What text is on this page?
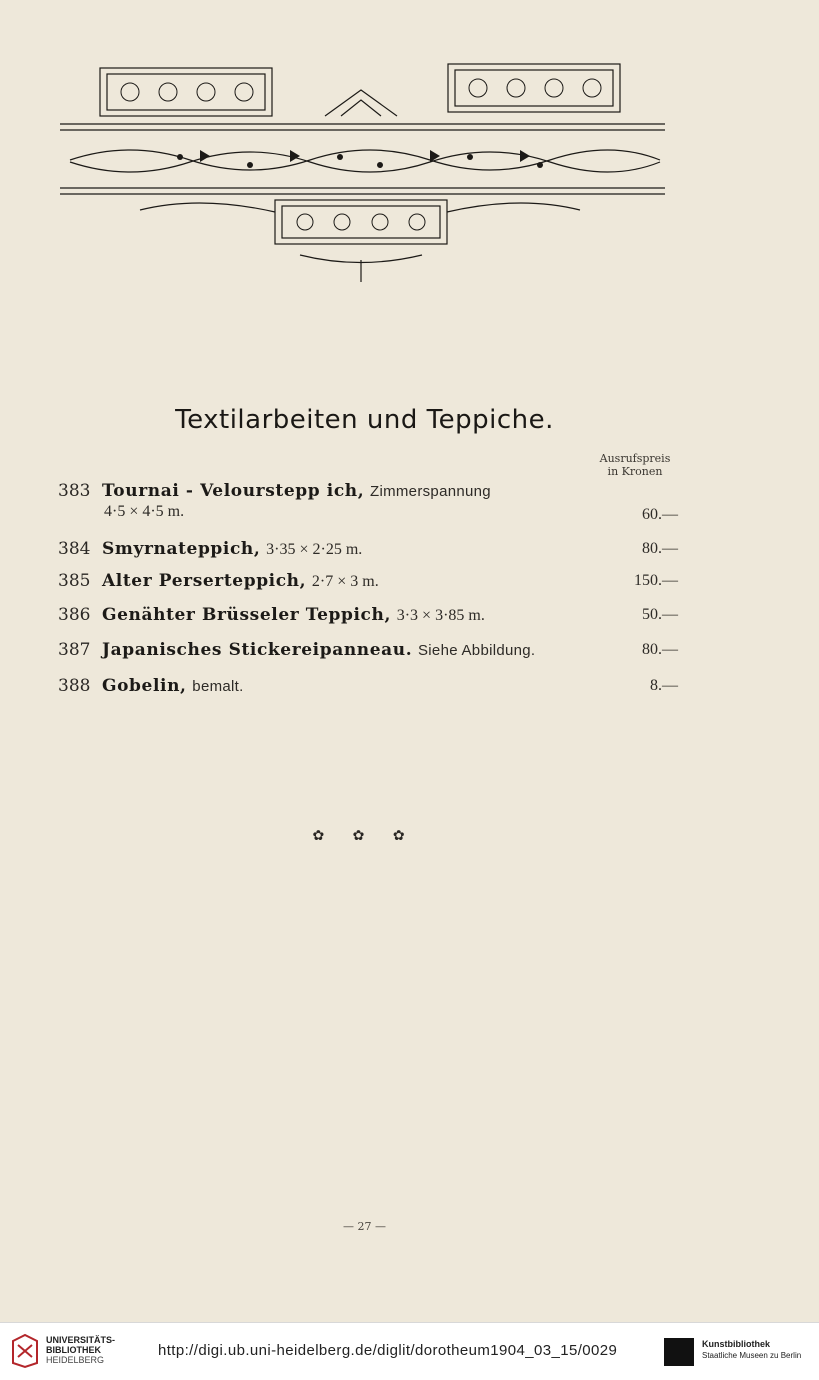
Textilarbeiten und Teppiche.
Ausrufspreis
in Kronen
383 Tournai - Velourstepp ich, Zimmerspannung
4·5 × 4·5 m.	60.—
384 Smyrnateppich, 3·35 × 2·25 m.	80.—
385 Alter Perserteppich, 2·7 × 3 m.	150.—
386 Genähter Brüsseler Teppich, 3·3 × 3·85 m.	50.—
387 Japanisches Stickereipanneau. Siehe Abbildung.	80.—
388 Gobelin, bemalt.	8.—
✿ ✿ ✿
— 27 —
UNIVERSITÄTS-
BIBLIOTHEK
HEIDELBERG
http://digi.ub.uni-heidelberg.de/diglit/dorotheum1904_03_15/0029	Kunstbibliothek
Staatliche Museen zu Berlin
